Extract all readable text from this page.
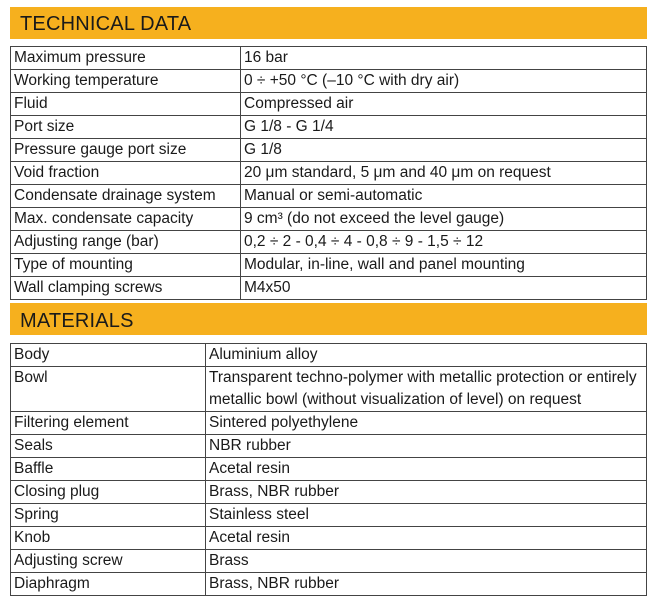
TECHNICAL DATA
Maximum pressure	16 bar
Working temperature	0 ÷ +50 °C (–10 °C with dry air)
Fluid	Compressed air
Port size	G 1/8 - G 1/4
Pressure gauge port size	G 1/8
Void fraction	20 μm standard, 5 μm and 40 μm on request
Condensate drainage system	Manual or semi-automatic
Max. condensate capacity	9 cm³ (do not exceed the level gauge)
Adjusting range (bar)	0,2 ÷ 2 - 0,4 ÷ 4 - 0,8 ÷ 9 - 1,5 ÷ 12
Type of mounting	Modular, in-line, wall and panel mounting
Wall clamping screws	M4x50
MATERIALS
Body	Aluminium alloy
Bowl	Transparent techno-polymer with metallic protection or entirely metallic bowl (without visualization of level) on request
Filtering element	Sintered polyethylene
Seals	NBR rubber
Baffle	Acetal resin
Closing plug	Brass, NBR rubber
Spring	Stainless steel
Knob	Acetal resin
Adjusting screw	Brass
Diaphragm	Brass, NBR rubber
